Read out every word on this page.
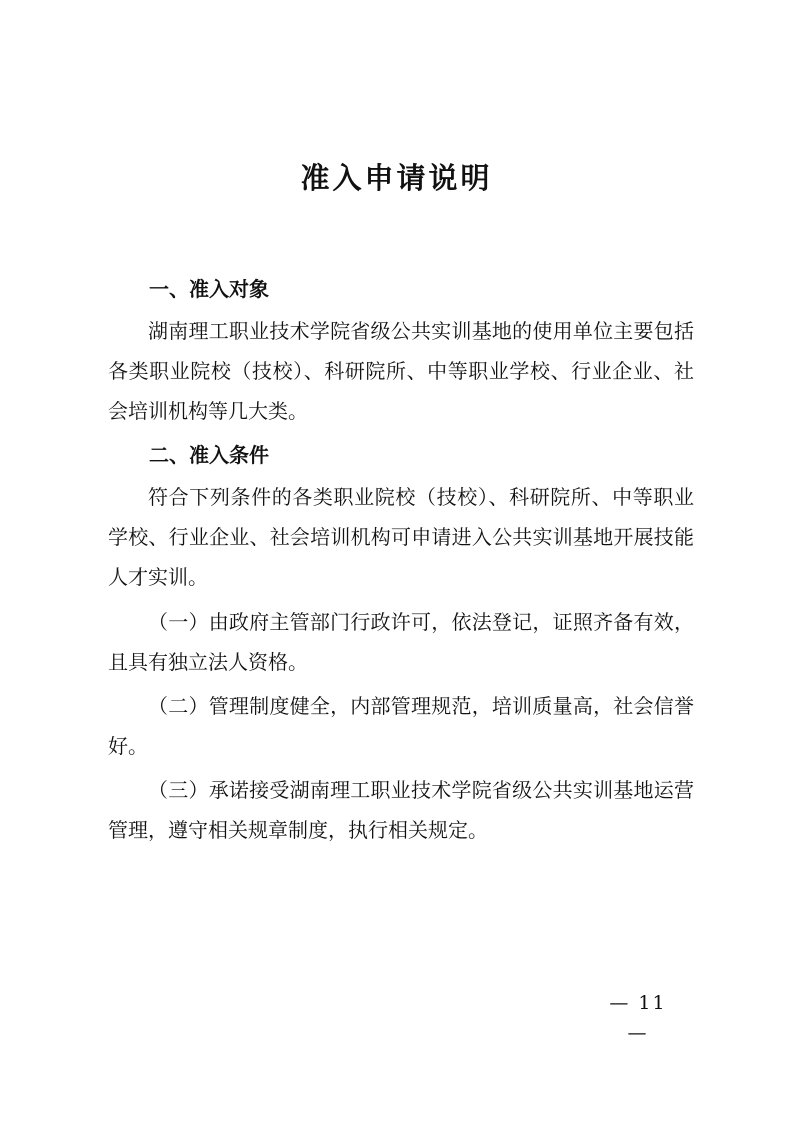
准入申请说明

一、准入对象

湖南理工职业技术学院省级公共实训基地的使用单位主要包括各类职业院校（技校）、科研院所、中等职业学校、行业企业、社会培训机构等几大类。

二、准入条件

符合下列条件的各类职业院校（技校）、科研院所、中等职业学校、行业企业、社会培训机构可申请进入公共实训基地开展技能人才实训。

（一）由政府主管部门行政许可，依法登记，证照齐备有效，且具有独立法人资格。

（二）管理制度健全，内部管理规范，培训质量高，社会信誉好。

（三）承诺接受湖南理工职业技术学院省级公共实训基地运营管理，遵守相关规章制度，执行相关规定。

— 11 —
